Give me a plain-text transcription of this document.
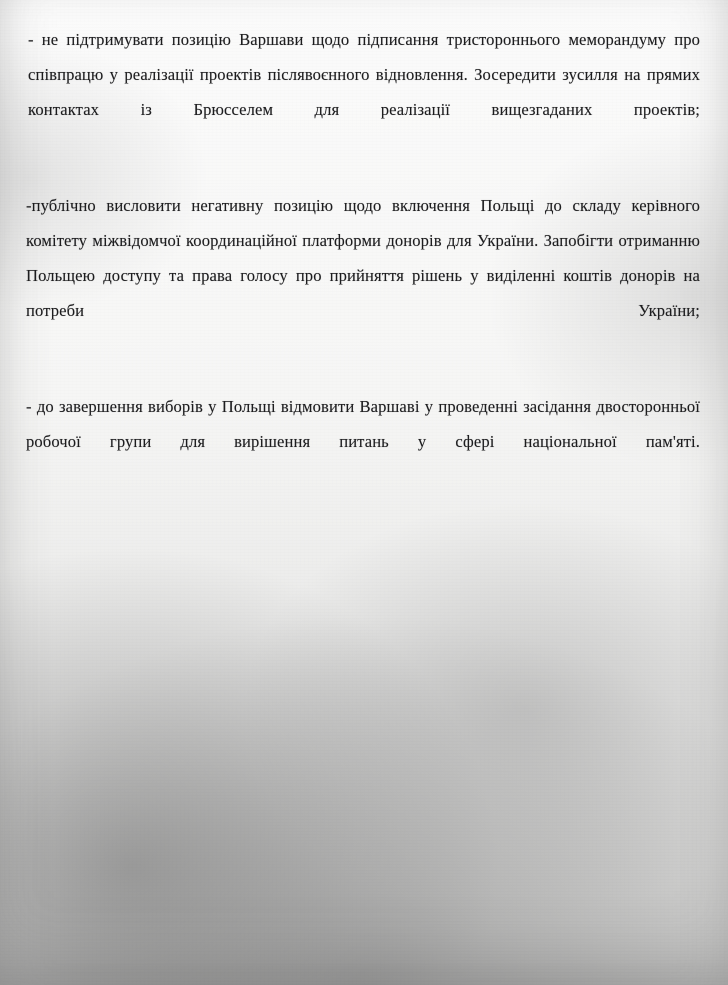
- не підтримувати позицію Варшави щодо підписання тристороннього меморандуму про співпрацю у реалізації проектів післявоєнного відновлення. Зосередити зусилля на прямих контактах із Брюсселем для реалізації вищезгаданих проектів;

-публічно висловити негативну позицію щодо включення Польщі до складу керівного комітету міжвідомчої координаційної платформи донорів для України. Запобігти отриманню Польщею доступу та права голосу про прийняття рішень у виділенні коштів донорів на потреби України;

- до завершення виборів у Польщі відмовити Варшаві у проведенні засідання двосторонньої робочої групи для вирішення питань у сфері національної пам'яті.
